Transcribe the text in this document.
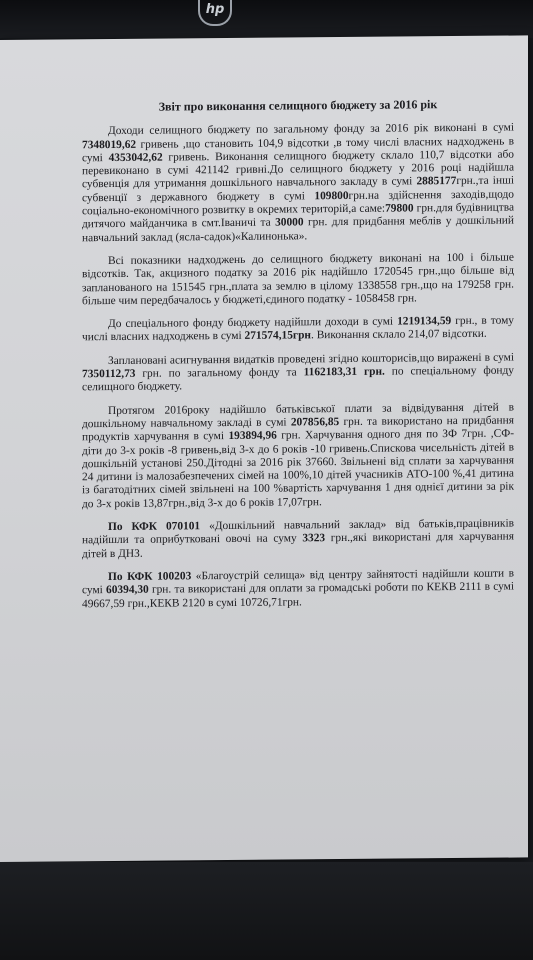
hp
Звіт про виконання селищного бюджету за 2016 рік

Доходи селищного бюджету по загальному фонду за 2016 рік виконані в сумі 7348019,62 гривень ,що становить 104,9 відсотки ,в тому числі власних надходжень в сумі 4353042,62 гривень. Виконання селищного бюджету склало 110,7 відсотки або перевиконано в сумі 421142 гривні.До селищного бюджету у 2016 році надійшла субвенція для утримання дошкільного навчального закладу в сумі 2885177грн.,та інші субвенції з державного бюджету в сумі 109800грн.на здійснення заходів,щодо соціально-економічного розвитку в окремих територій,а саме:79800 грн.для будівництва дитячого майданчика в смт.Іваничі та 30000 грн. для придбання меблів у дошкільний навчальний заклад (ясла-садок)«Калинонька».

Всі показники надходжень до селищного бюджету виконані на 100 і більше відсотків. Так, акцизного податку за 2016 рік надійшло 1720545 грн.,що більше від запланованого на 151545 грн.,плата за землю в цілому 1338558 грн.,що на 179258 грн. більше чим передбачалось у бюджеті,єдиного податку - 1058458 грн.

До спеціального фонду бюджету надійшли доходи в сумі 1219134,59 грн., в тому числі власних надходжень в сумі 271574,15грн. Виконання склало 214,07 відсотки.

Заплановані асигнування видатків проведені згідно кошторисів,що виражені в сумі 7350112,73 грн. по загальному фонду та 1162183,31 грн. по спеціальному фонду селищного бюджету.

Протягом 2016року надійшло батьківської плати за відвідування дітей в дошкільному навчальному закладі в сумі 207856,85 грн. та використано на придбання продуктів харчування в сумі 193894,96 грн. Харчування одного дня по ЗФ 7грн. ,СФ- діти до 3-х років -8 гривень,від 3-х до 6 років -10 гривень.Спискова чисельність дітей в дошкільній установі 250.Дітодні за 2016 рік 37660. Звільнені від сплати за харчування 24 дитини із малозабезпечених сімей на 100%,10 дітей учасників АТО-100 %,41 дитина із багатодітних сімей звільнені на 100 %вартість харчування 1 дня однієї дитини за рік до 3-х років 13,87грн.,від 3-х до 6 років 17,07грн.

По КФК 070101 «Дошкільний навчальний заклад» від батьків,працівників надійшли та оприбутковані овочі на суму 3323 грн.,які використані для харчування дітей в ДНЗ.

По КФК 100203 «Благоустрій селища» від центру зайнятості надійшли кошти в сумі 60394,30 грн. та використані для оплати за громадські роботи по КЕКВ 2111 в сумі 49667,59 грн.,КЕКВ 2120 в сумі 10726,71грн.
